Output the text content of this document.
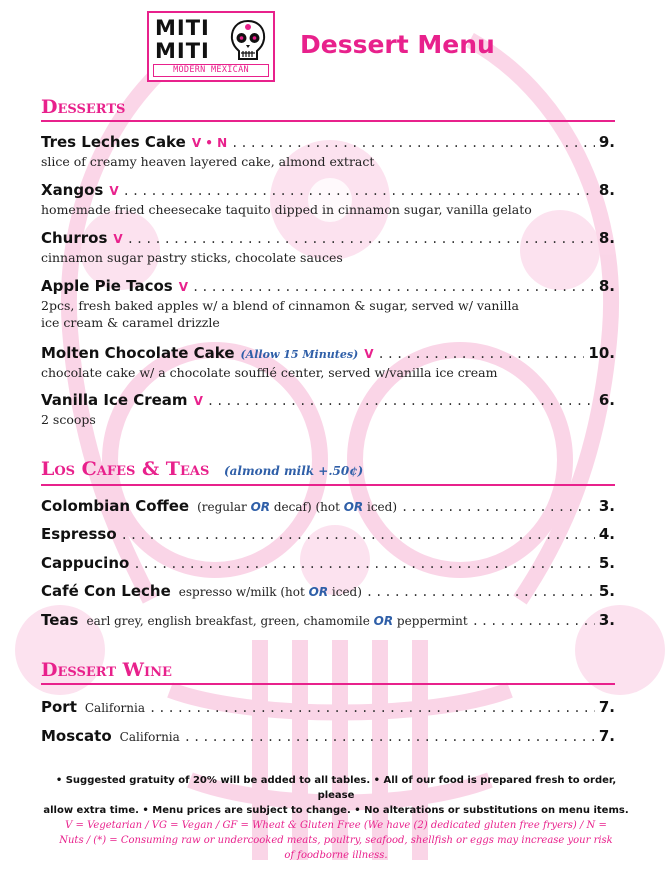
MITI
MITI
MODERN MEXICAN
Dessert Menu
Desserts
Tres Leches Cake V • N .....	9.
slice of creamy heaven layered cake, almond extract
Xangos V .....	8.
homemade fried cheesecake taquito dipped in cinnamon sugar, vanilla gelato
Churros V .....	8.
cinnamon sugar pastry sticks, chocolate sauces
Apple Pie Tacos V .....	8.
2pcs, fresh baked apples w/ a blend of cinnamon & sugar, served w/ vanilla
ice cream & caramel drizzle
Molten Chocolate Cake (Allow 15 Minutes) V .....	10.
chocolate cake w/ a chocolate soufflé center, served w/vanilla ice cream
Vanilla Ice Cream V .....	6.
2 scoops
Los Cafes & Teas (almond milk +.50¢)
Colombian Coffee (regular OR decaf) (hot OR iced) .....	3.
Espresso .....	4.
Cappucino .....	5.
Café Con Leche espresso w/milk (hot OR iced) .....	5.
Teas earl grey, english breakfast, green, chamomile OR peppermint .....	3.
Dessert Wine
Port California .....	7.
Moscato California .....	7.
• Suggested gratuity of 20% will be added to all tables. • All of our food is prepared fresh to order, please
allow extra time. • Menu prices are subject to change. • No alterations or substitutions on menu items.
V = Vegetarian / VG = Vegan / GF = Wheat & Gluten Free (We have (2) dedicated gluten free fryers) / N =
Nuts / (*) = Consuming raw or undercooked meats, poultry, seafood, shellfish or eggs may increase your risk
of foodborne illness.
